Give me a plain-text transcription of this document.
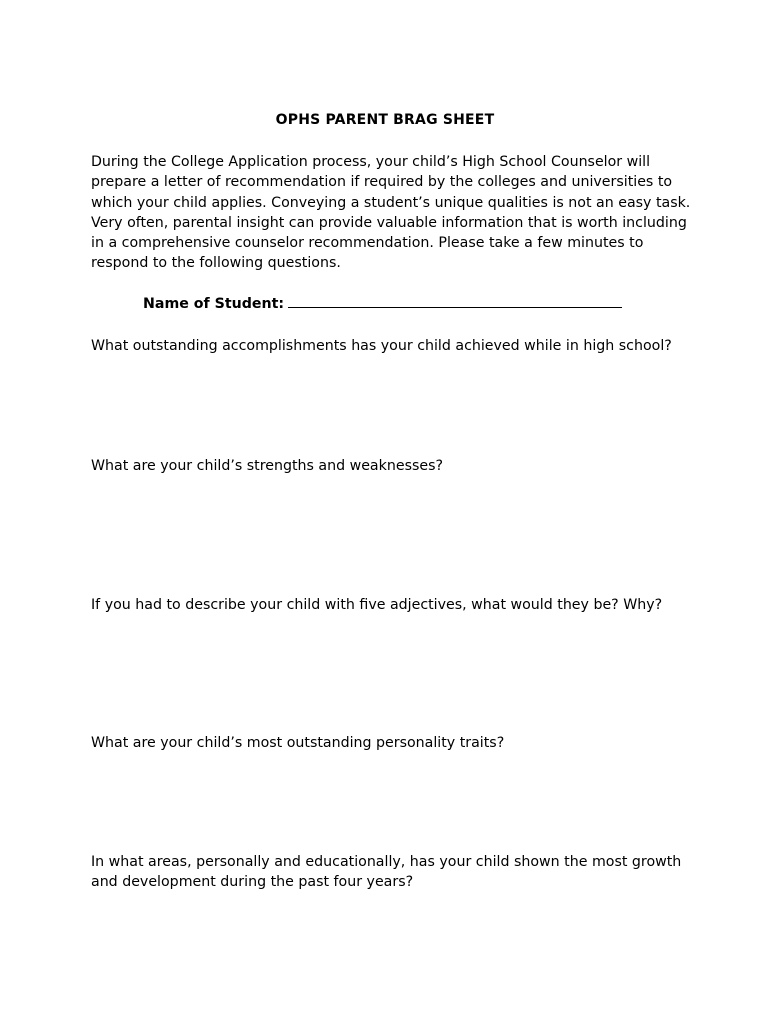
OPHS PARENT BRAG SHEET

During the College Application process, your child’s High School Counselor will prepare a letter of recommendation if required by the colleges and universities to which your child applies. Conveying a student’s unique qualities is not an easy task. Very often, parental insight can provide valuable information that is worth including in a comprehensive counselor recommendation. Please take a few minutes to respond to the following questions.

Name of Student:

What outstanding accomplishments has your child achieved while in high school?

What are your child’s strengths and weaknesses?

If you had to describe your child with five adjectives, what would they be? Why?

What are your child’s most outstanding personality traits?

In what areas, personally and educationally, has your child shown the most growth and development during the past four years?
